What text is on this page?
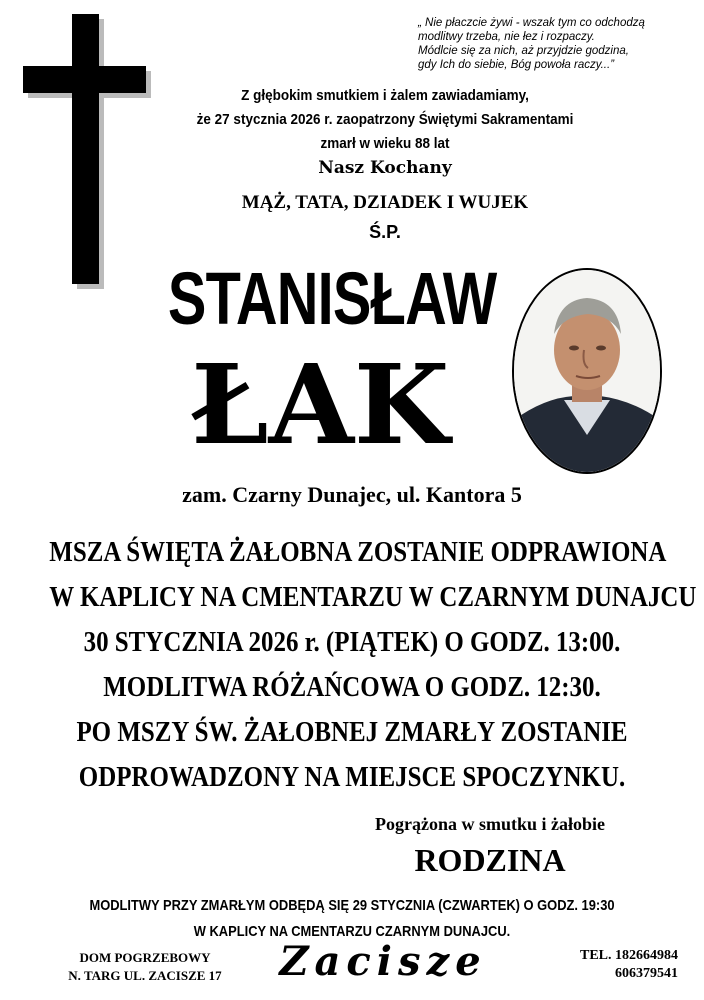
„ Nie płaczcie żywi - wszak tym co odchodzą
modlitwy trzeba, nie łez i rozpaczy.
Módlcie się za nich, aż przyjdzie godzina,
gdy Ich do siebie, Bóg powoła raczy...”
Z głębokim smutkiem i żalem zawiadamiamy,
że 27 stycznia 2026 r. zaopatrzony Świętymi Sakramentami
zmarł w wieku 88 lat
Nasz Kochany
MĄŻ, TATA, DZIADEK I WUJEK
Ś.P.
STANISŁAW
ŁAK
zam. Czarny Dunajec, ul. Kantora 5
MSZA ŚWIĘTA ŻAŁOBNA ZOSTANIE ODPRAWIONA
W KAPLICY NA CMENTARZU W CZARNYM DUNAJCU
30 STYCZNIA 2026 r. (PIĄTEK) O GODZ. 13:00.
MODLITWA RÓŻAŃCOWA O GODZ. 12:30.
PO MSZY ŚW. ŻAŁOBNEJ ZMARŁY ZOSTANIE
ODPROWADZONY NA MIEJSCE SPOCZYNKU.
Pogrążona w smutku i żałobie
RODZINA
MODLITWY PRZY ZMARŁYM ODBĘDĄ SIĘ 29 STYCZNIA (CZWARTEK) O GODZ. 19:30
W KAPLICY NA CMENTARZU CZARNYM DUNAJCU.
DOM POGRZEBOWY
N. TARG UL. ZACISZE 17	Zacisze	TEL. 182664984
606379541
